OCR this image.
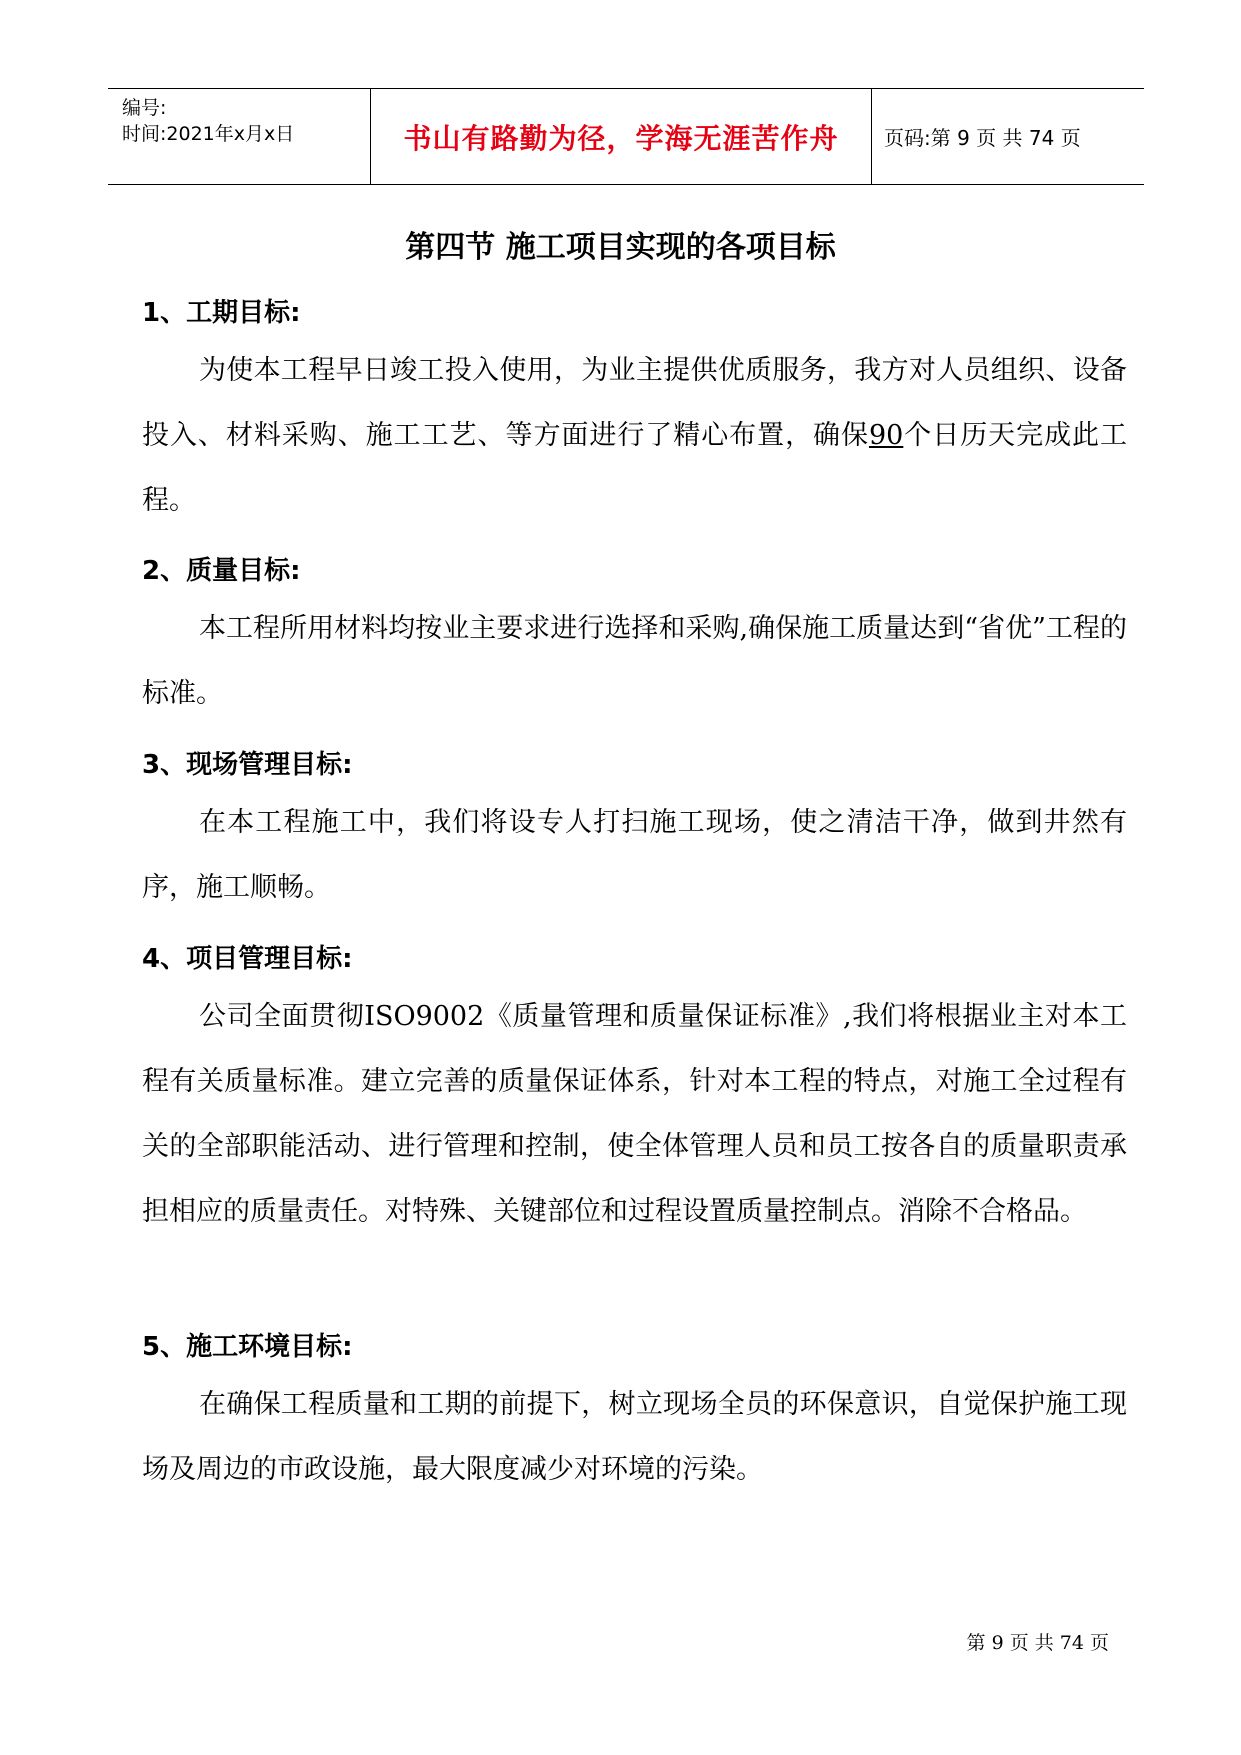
编号:
时间:2021年x月x日	书山有路勤为径，学海无涯苦作舟 页码:第 9 页 共 74 页
第四节 施工项目实现的各项目标
1、工期目标:
为使本工程早日竣工投入使用，为业主提供优质服务，我方对人员组织、设备投入、材料采购、施工工艺、等方面进行了精心布置，确保90个日历天完成此工程。
2、质量目标:
本工程所用材料均按业主要求进行选择和采购,确保施工质量达到“省优”工程的标准。
3、现场管理目标:
在本工程施工中，我们将设专人打扫施工现场，使之清洁干净，做到井然有序，施工顺畅。
4、项目管理目标:
公司全面贯彻ISO9002《质量管理和质量保证标准》,我们将根据业主对本工程有关质量标准。建立完善的质量保证体系，针对本工程的特点，对施工全过程有关的全部职能活动、进行管理和控制，使全体管理人员和员工按各自的质量职责承担相应的质量责任。对特殊、关键部位和过程设置质量控制点。消除不合格品。
5、施工环境目标:
在确保工程质量和工期的前提下，树立现场全员的环保意识，自觉保护施工现场及周边的市政设施，最大限度减少对环境的污染。
第 9 页 共 74 页
